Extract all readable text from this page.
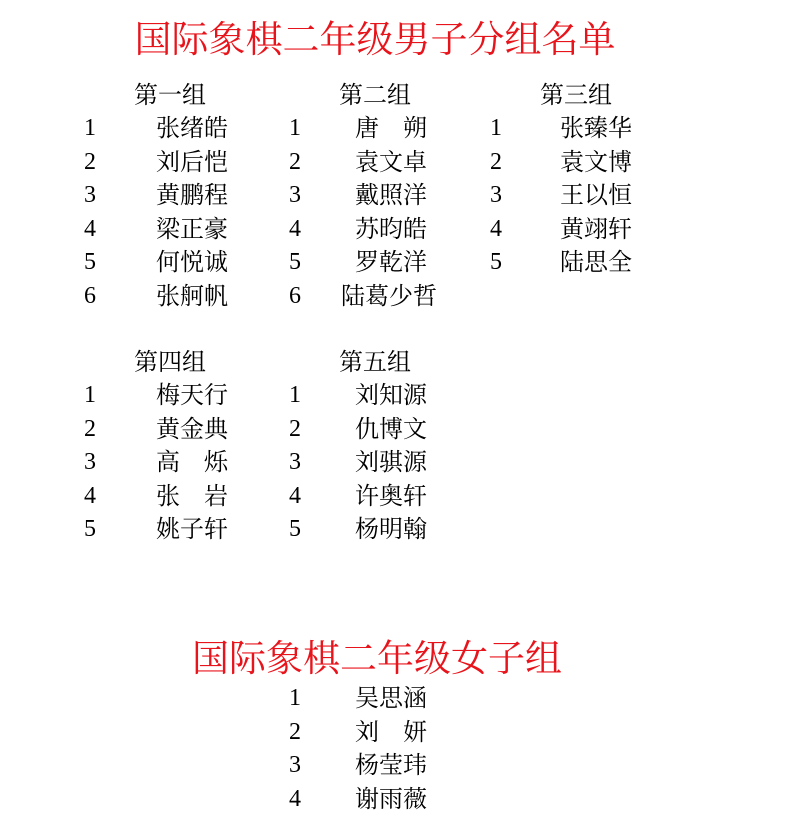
国际象棋二年级男子分组名单
第一组
1	张绪皓
2	刘后恺
3	黄鹏程
4	梁正豪
5	何悦诚
6	张舸帆
第二组
1 唐　朔
2 袁文卓
3 戴照洋
4 苏昀皓
5 罗乾洋
6 陆葛少哲
第三组
1 张臻华
2 袁文博
3 王以恒
4 黄翊轩
5 陆思全
第四组
1	梅天行
2	黄金典
3	高　烁
4	张　岩
5	姚子轩
第五组
1 刘知源
2 仇博文
3 刘骐源
4 许奥轩
5 杨明翰
国际象棋二年级女子组
1 吴思涵
2 刘　妍
3 杨莹玮
4 谢雨薇
